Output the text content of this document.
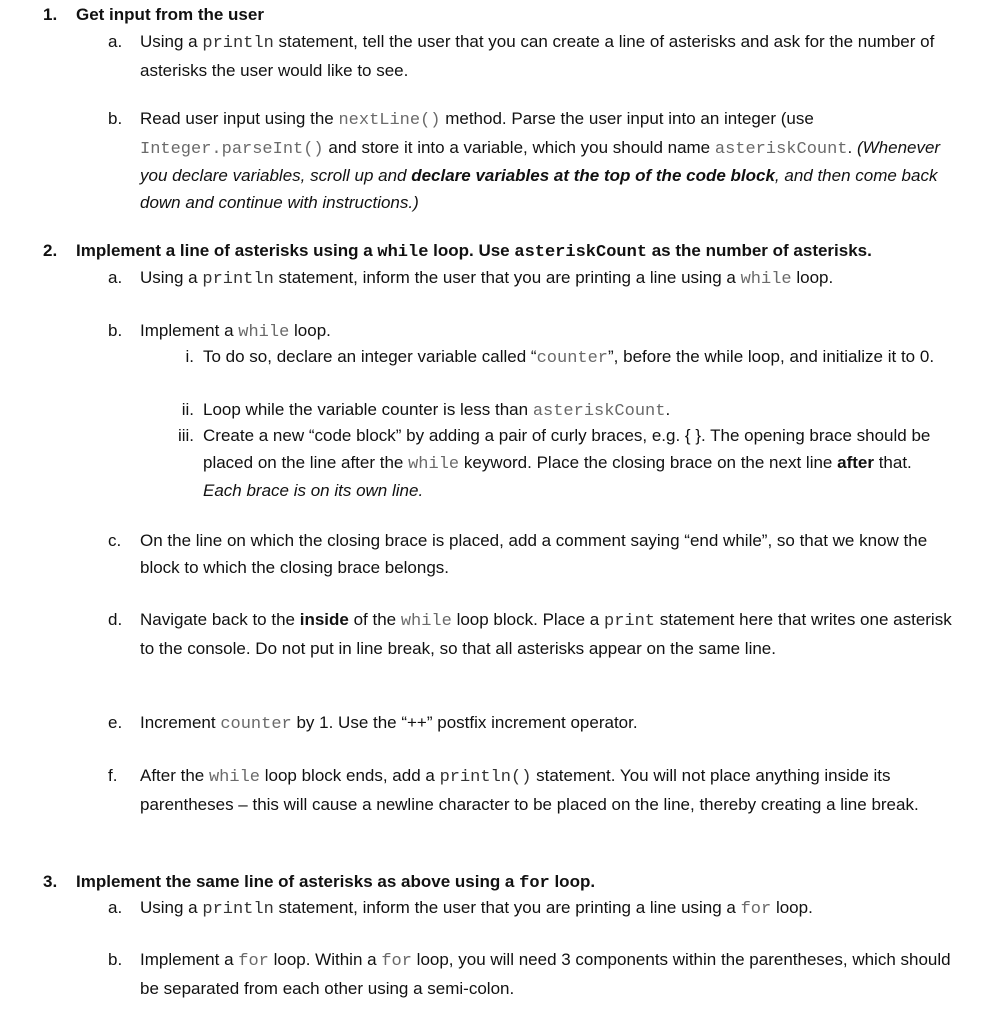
1.	Get input from the user
a.	Using a println statement, tell the user that you can create a line of asterisks and ask for the number of asterisks the user would like to see.
b.	Read user input using the nextLine() method. Parse the user input into an integer (use Integer.parseInt() and store it into a variable, which you should name asteriskCount. (Whenever you declare variables, scroll up and declare variables at the top of the code block, and then come back down and continue with instructions.)
2.	Implement a line of asterisks using a while loop. Use asteriskCount as the number of asterisks.
a.	Using a println statement, inform the user that you are printing a line using a while loop.
b.	Implement a while loop.
i. To do so, declare an integer variable called “counter”, before the while loop, and initialize it to 0.
ii. Loop while the variable counter is less than asteriskCount.
iii. Create a new “code block” by adding a pair of curly braces, e.g. { }. The opening brace should be placed on the line after the while keyword. Place the closing brace on the next line after that. Each brace is on its own line.
c.	On the line on which the closing brace is placed, add a comment saying “end while”, so that we know the block to which the closing brace belongs.
d.	Navigate back to the inside of the while loop block. Place a print statement here that writes one asterisk to the console. Do not put in line break, so that all asterisks appear on the same line.
e.	Increment counter by 1. Use the “++” postfix increment operator.
f.	After the while loop block ends, add a println() statement. You will not place anything inside its parentheses – this will cause a newline character to be placed on the line, thereby creating a line break.
3.	Implement the same line of asterisks as above using a for loop.
a.	Using a println statement, inform the user that you are printing a line using a for loop.
b.	Implement a for loop. Within a for loop, you will need 3 components within the parentheses, which should be separated from each other using a semi-colon.
